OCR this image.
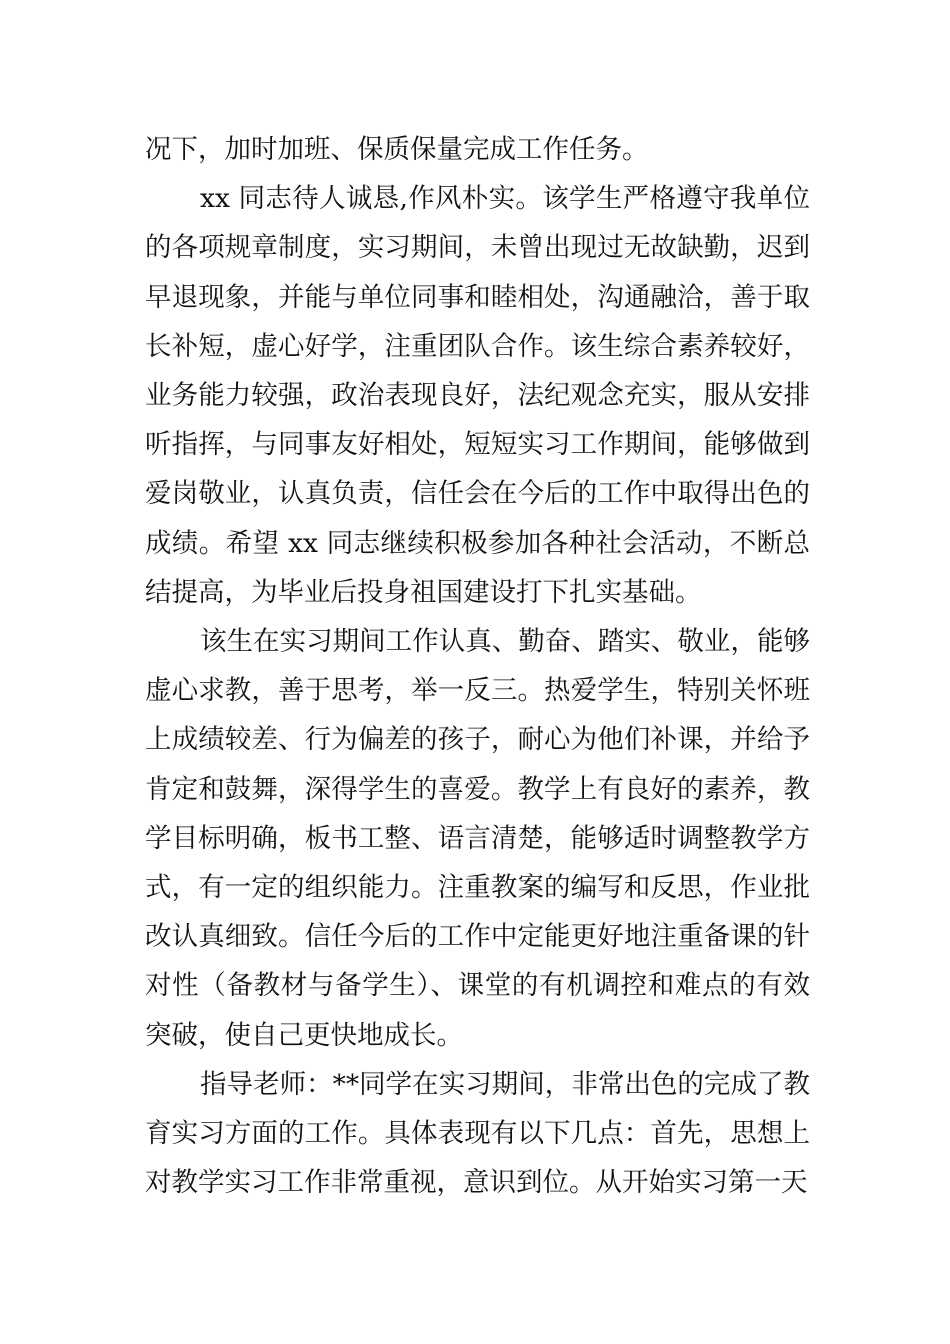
况下，加时加班、保质保量完成工作任务。

xx 同志待人诚恳,作风朴实。该学生严格遵守我单位的各项规章制度，实习期间，未曾出现过无故缺勤，迟到早退现象，并能与单位同事和睦相处，沟通融洽，善于取长补短，虚心好学，注重团队合作。该生综合素养较好，业务能力较强，政治表现良好，法纪观念充实，服从安排听指挥，与同事友好相处，短短实习工作期间，能够做到爱岗敬业，认真负责，信任会在今后的工作中取得出色的成绩。希望 xx 同志继续积极参加各种社会活动，不断总结提高，为毕业后投身祖国建设打下扎实基础。

该生在实习期间工作认真、勤奋、踏实、敬业，能够虚心求教，善于思考，举一反三。热爱学生，特别关怀班上成绩较差、行为偏差的孩子，耐心为他们补课，并给予肯定和鼓舞，深得学生的喜爱。教学上有良好的素养，教学目标明确，板书工整、语言清楚，能够适时调整教学方式，有一定的组织能力。注重教案的编写和反思，作业批改认真细致。信任今后的工作中定能更好地注重备课的针对性（备教材与备学生）、课堂的有机调控和难点的有效突破，使自己更快地成长。

指导老师：**同学在实习期间，非常出色的完成了教育实习方面的工作。具体表现有以下几点：首先，思想上对教学实习工作非常重视，意识到位。从开始实习第一天
